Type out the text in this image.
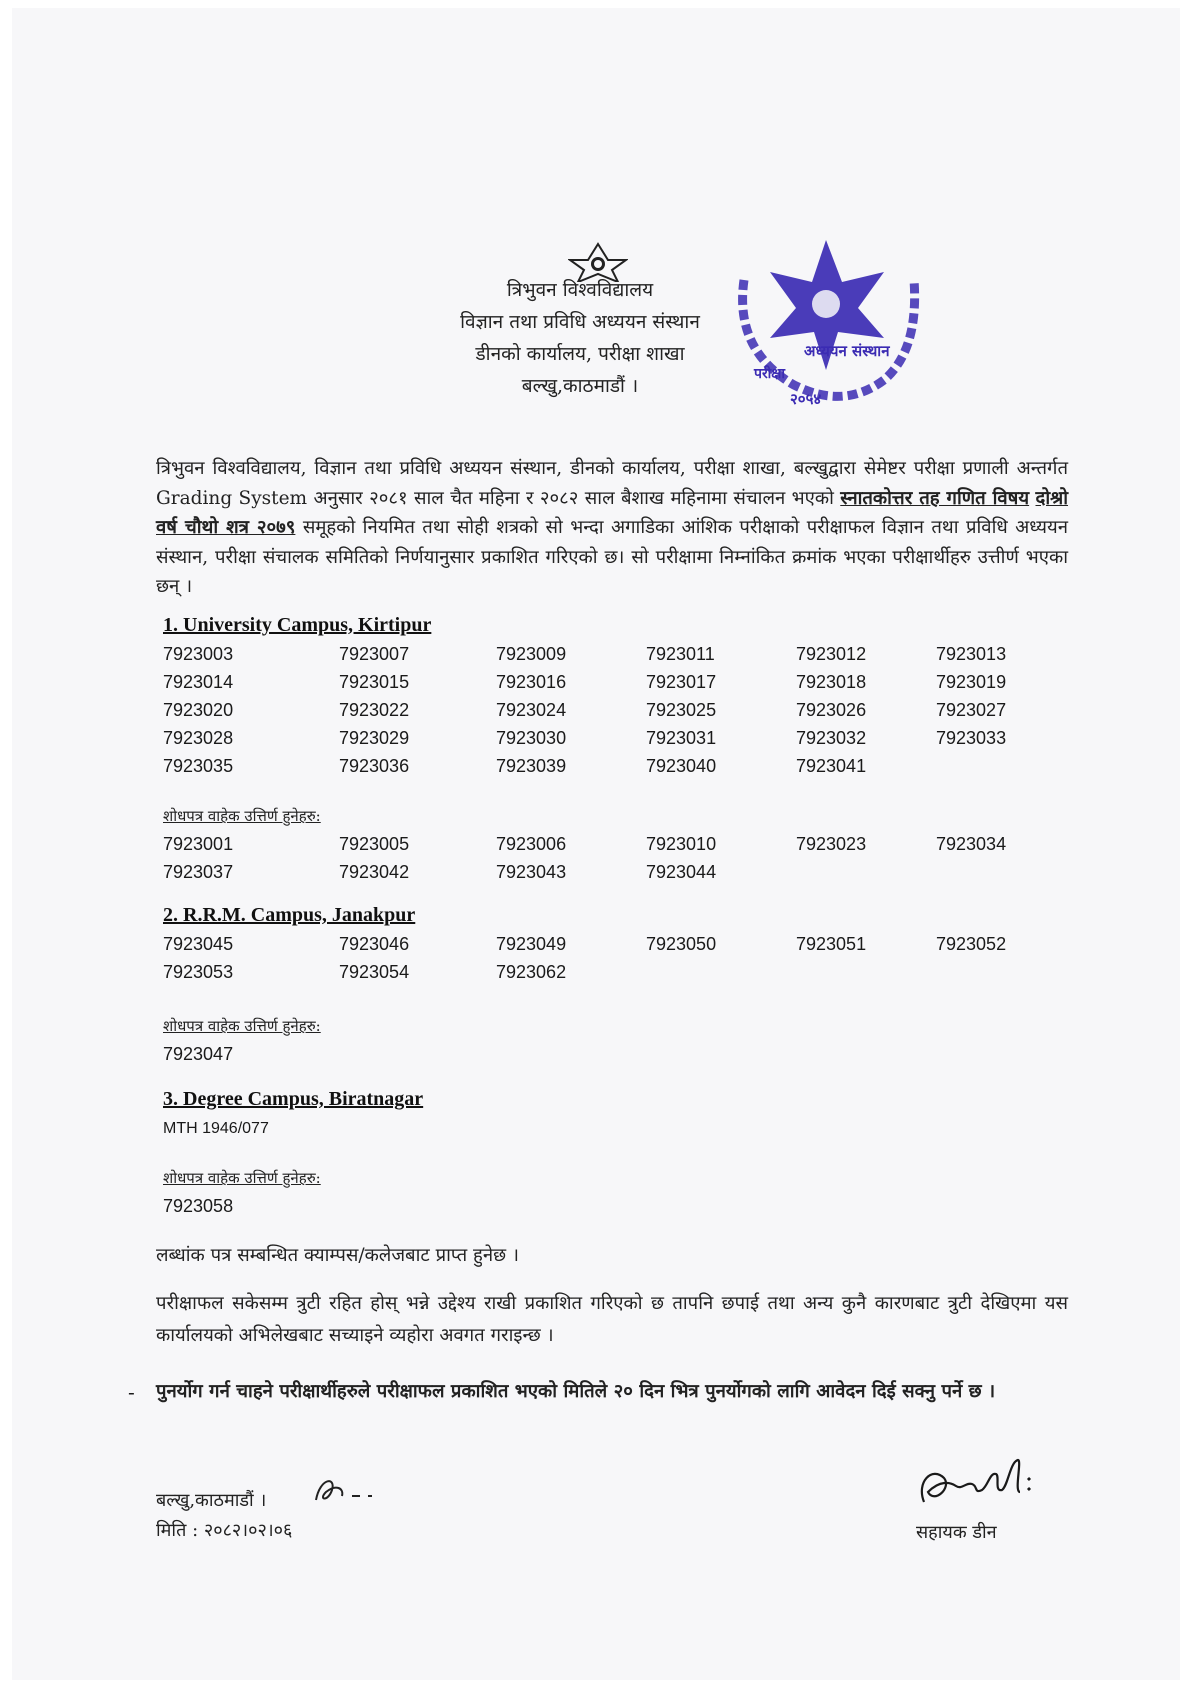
त्रिभुवन विश्वविद्यालय
विज्ञान तथा प्रविधि अध्ययन संस्थान
डीनको कार्यालय, परीक्षा शाखा
बल्खु,काठमाडौं ।
अध्ययन संस्थान
परीक्षा
२०५४
त्रिभुवन विश्वविद्यालय, विज्ञान तथा प्रविधि अध्ययन संस्थान, डीनको कार्यालय, परीक्षा शाखा, बल्खुद्वारा सेमेष्टर परीक्षा प्रणाली अन्तर्गत Grading System अनुसार २०८१ साल चैत महिना र २०८२ साल बैशाख महिनामा संचालन भएको स्नातकोत्तर तह गणित विषय दोश्रो वर्ष चौथो शत्र २०७९ समूहको नियमित तथा सोही शत्रको सो भन्दा अगाडिका आंशिक परीक्षाको परीक्षाफल विज्ञान तथा प्रविधि अध्ययन संस्थान, परीक्षा संचालक समितिको निर्णयानुसार प्रकाशित गरिएको छ। सो परीक्षामा निम्नांकित क्रमांक भएका परीक्षार्थीहरु उत्तीर्ण भएका छन् ।
1. University Campus, Kirtipur
7923003	7923007	7923009	7923011	7923012	7923013
7923014	7923015	7923016	7923017	7923018	7923019
7923020	7923022	7923024	7923025	7923026	7923027
7923028	7923029	7923030	7923031	7923032	7923033
7923035	7923036	7923039	7923040	7923041
शोधपत्र वाहेक उत्तिर्ण हुनेहरु:
7923001	7923005	7923006	7923010	7923023	7923034
7923037	7923042	7923043	7923044
2. R.R.M. Campus, Janakpur
7923045	7923046	7923049	7923050	7923051	7923052
7923053	7923054	7923062
शोधपत्र वाहेक उत्तिर्ण हुनेहरु:
7923047
3. Degree Campus, Biratnagar
MTH 1946/077
शोधपत्र वाहेक उत्तिर्ण हुनेहरु:
7923058
लब्धांक पत्र सम्बन्धित क्याम्पस/कलेजबाट प्राप्त हुनेछ ।
परीक्षाफल सकेसम्म त्रुटी रहित होस् भन्ने उद्देश्य राखी प्रकाशित गरिएको छ तापनि छपाई तथा अन्य कुनै कारणबाट त्रुटी देखिएमा यस कार्यालयको अभिलेखबाट सच्याइने व्यहोरा अवगत गराइन्छ ।
- पुनर्योग गर्न चाहने परीक्षार्थीहरुले परीक्षाफल प्रकाशित भएको मितिले २० दिन भित्र पुनर्योगको लागि आवेदन दिई सक्नु पर्ने छ ।
बल्खु,काठमाडौं ।
मिति : २०८२।०२।०६	सहायक डीन
